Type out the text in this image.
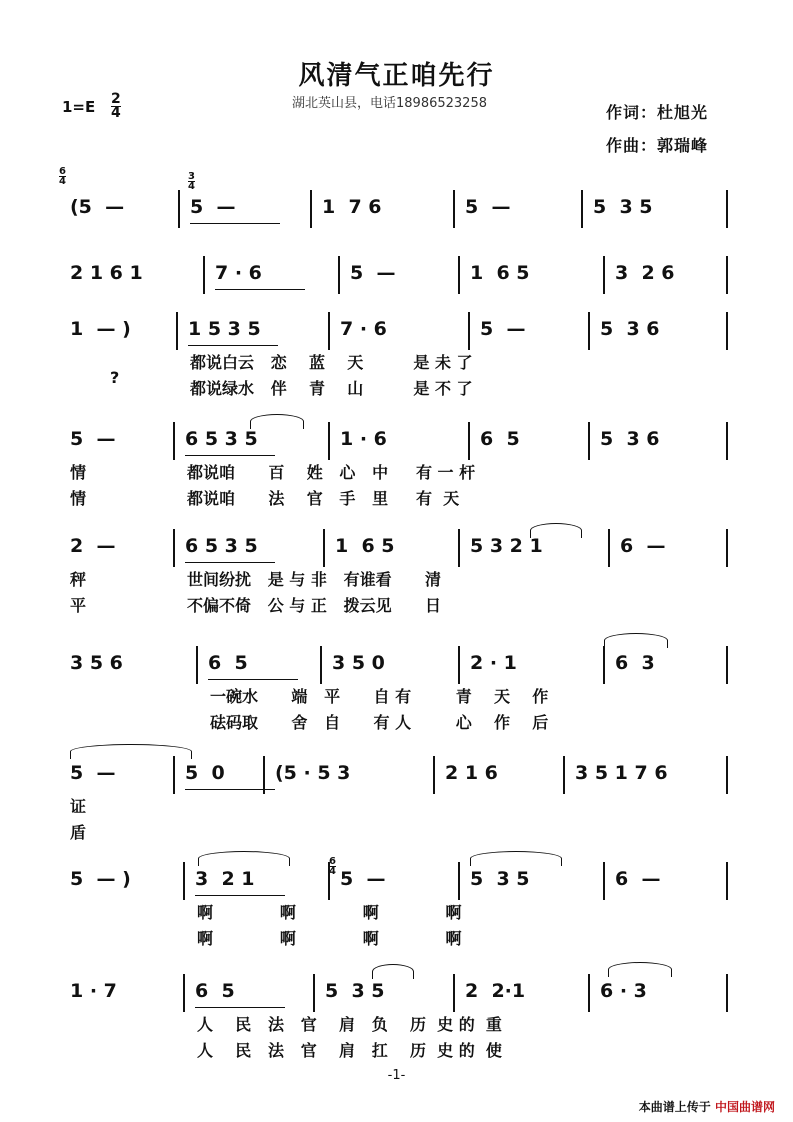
风清气正咱先行
湖北英山县，电话18986523258
$1=E \frac{2}{4}$	作词：杜旭光
作曲：郭瑞峰
$\frac{6}{4}$	$\frac{3}{4}$
$\frac{6}{4}$
(5  —	5  —	1  7 6	5  —	5  3 5
2 1 6 1	7 · 6	5  —	1  6 5	3  2 6
1  — )	1 5 3 5	7 · 6	5  —	5  3 6
都说白云   恋    蓝    天         是 未 了
都说绿水   伴    青    山         是 不 了
?
5  —	6 5 3 5	1 · 6	6  5	5  3 6
情
情
都说咱      百    姓   心   中     有 一 杆
都说咱      法    官   手   里     有  天
2  —	6 5 3 5	1  6 5	5 3 2 1	6  —
秤
平
世间纷扰   是 与 非   有谁看      清
不偏不倚   公 与 正   拨云见      日
3 5 6	6  5	3 5 0	2 · 1	6  3
一碗水      端   平      自 有        青    天    作
砝码取      舍   自      有 人        心    作    后
5  —	5  0	(5 · 5 3	2 1 6	3 5 1 7 6
证
盾
5  — )	3  2 1	5  —	5  3 5	6  —
啊            啊            啊            啊
啊            啊            啊            啊
1 · 7	6  5	5  3 5	2  2·1	6 · 3
人    民   法   官    肩   负    历  史 的  重
人    民   法   官    肩   扛    历  史 的  使
-1-
本曲谱上传于 中国曲谱网
